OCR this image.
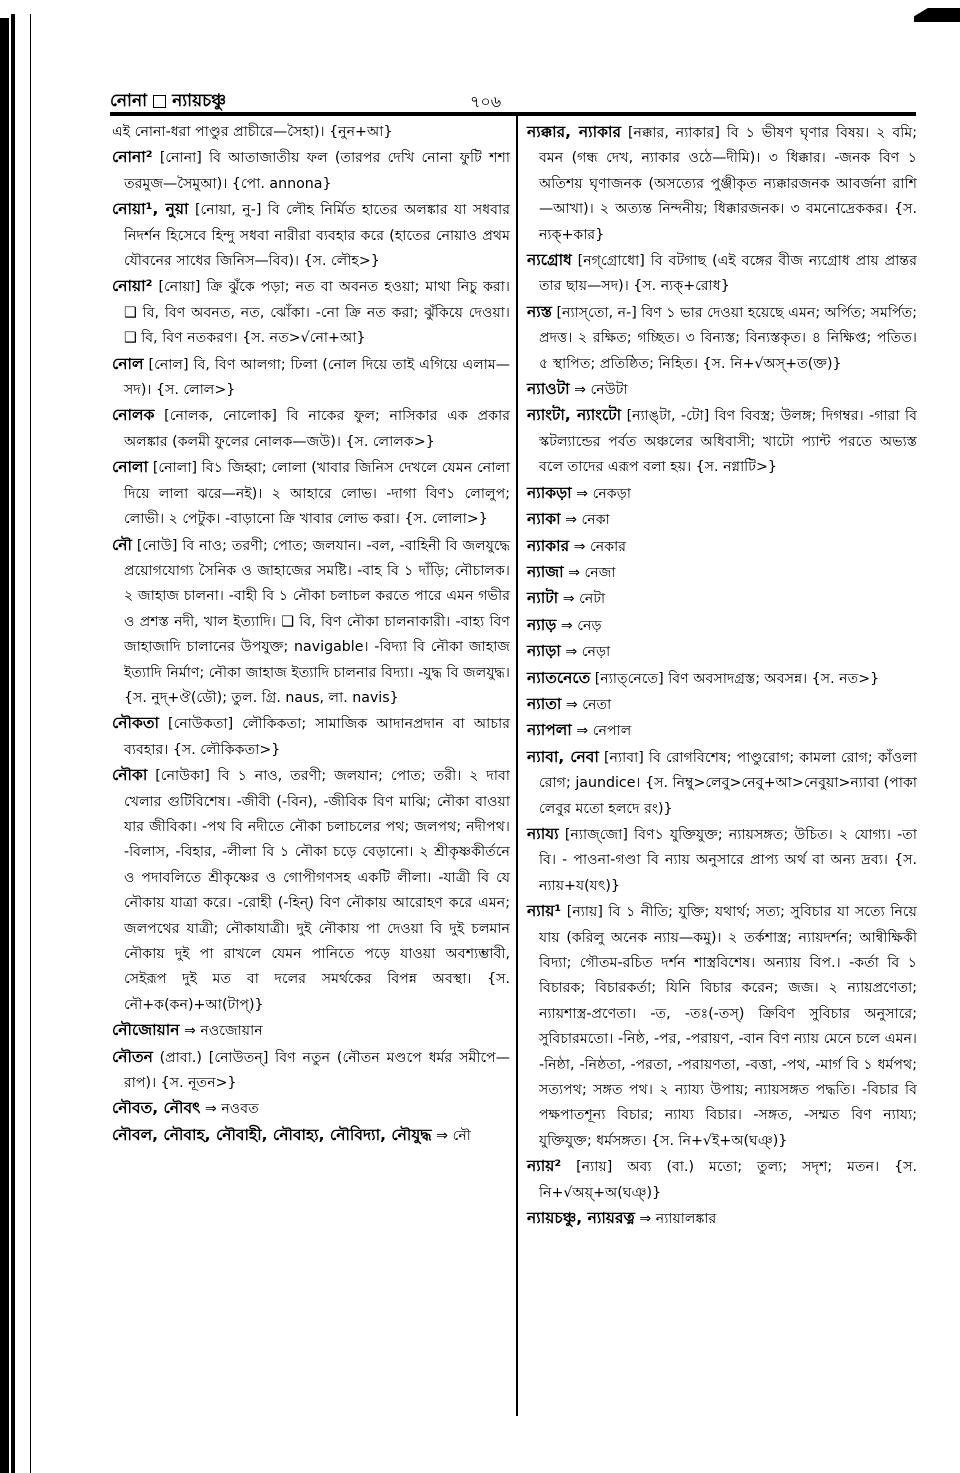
নোনা ন্যায়চঞ্চু	৭০৬

এই নোনা-ধরা পাণ্ডুর প্রাচীরে—সৈহা)। {নুন+আ}

নোনা² [নোনা] বি আতাজাতীয় ফল (তারপর দেখি নোনা ফুটি শশা তরমুজ—সৈমুআ)। {পো. annona}

নোয়া¹, নুয়া [নোয়া, নু-] বি লৌহ নির্মিত হাতের অলঙ্কার যা সধবার নিদর্শন হিসেবে হিন্দু সধবা নারীরা ব্যবহার করে (হাতের নোয়াও প্রথম যৌবনের সাধের জিনিস—বিব)। {স. লৌহ>}

নোয়া² [নোয়া] ক্রি ঝুঁকে পড়া; নত বা অবনত হওয়া; মাথা নিচু করা। ❑ বি, বিণ অবনত, নত, ঝোঁকা। -নো ক্রি নত করা; ঝুঁকিয়ে দেওয়া। ❑ বি, বিণ নতকরণ। {স. নত>√নো+আ}

নোল [নোল] বি, বিণ আলগা; ঢিলা (নোল দিয়ে তাই এগিয়ে এলাম—সদ)। {স. লোল>}

নোলক [নোলক, নোলোক] বি নাকের ফুল; নাসিকার এক প্রকার অলঙ্কার (কলমী ফুলের নোলক—জউ)। {স. লোলক>}

নোলা [নোলা] বি১ জিহ্বা; লোলা (খাবার জিনিস দেখলে যেমন নোলা দিয়ে লালা ঝরে—নই)। ২ আহারে লোভ। -দাগা বিণ১ লোলুপ; লোভী। ২ পেটুক। -বাড়ানো ক্রি খাবার লোভ করা। {স. লোলা>}

নৌ [নোউ] বি নাও; তরণী; পোত; জলযান। -বল, -বাহিনী বি জলযুদ্ধে প্রয়োগযোগ্য সৈনিক ও জাহাজের সমষ্টি। -বাহ বি ১ দাঁড়ি; নৌচালক। ২ জাহাজ চালনা। -বাহী বি ১ নৌকা চলাচল করতে পারে এমন গভীর ও প্রশস্ত নদী, খাল ইত্যাদি। ❑ বি, বিণ নৌকা চালনাকারী। -বাহ্য বিণ জাহাজাদি চালানের উপযুক্ত; navigable। -বিদ্যা বি নৌকা জাহাজ ইত্যাদি নির্মাণ; নৌকা জাহাজ ইত্যাদি চালনার বিদ্যা। -যুদ্ধ বি জলযুদ্ধ। {স. নুদ্+ঔ(ডৌ); তুল. গ্রি. naus, লা. navis}

নৌকতা [নোউকতা] লৌকিকতা; সামাজিক আদানপ্রদান বা আচার ব্যবহার। {স. লৌকিকতা>}

নৌকা [নোউকা] বি ১ নাও, তরণী; জলযান; পোত; তরী। ২ দাবা খেলার গুটিবিশেষ। -জীবী (-বিন), -জীবিক বিণ মাঝি; নৌকা বাওয়া যার জীবিকা। -পথ বি নদীতে নৌকা চলাচলের পথ; জলপথ; নদীপথ। -বিলাস, -বিহার, -লীলা বি ১ নৌকা চড়ে বেড়ানো। ২ শ্রীকৃষ্ণকীর্তনে ও পদাবলিতে শ্রীকৃষ্ণের ও গোপীগণসহ একটি লীলা। -যাত্রী বি যে নৌকায় যাত্রা করে। -রোহী (-হিন্) বিণ নৌকায় আরোহণ করে এমন; জলপথের যাত্রী; নৌকাযাত্রী। দুই নৌকায় পা দেওয়া বি দুই চলমান নৌকায় দুই পা রাখলে যেমন পানিতে পড়ে যাওয়া অবশ্যম্ভাবী, সেইরূপ দুই মত বা দলের সমর্থকের বিপন্ন অবস্থা। {স. নৌ+ক(কন)+আ(টাপ্)}

নৌজোয়ান ⇒ নওজোয়ান

নৌতন (প্রাবা.) [নোউতন্] বিণ নতুন (নৌতন মণ্ডপে ধর্মর সমীপে—রাপ)। {স. নূতন>}

নৌবত, নৌবৎ ⇒ নওবত

নৌবল, নৌবাহ, নৌবাহী, নৌবাহ্য, নৌবিদ্যা, নৌযুদ্ধ ⇒ নৌ

ন্যক্কার, ন্যাকার [নক্কার, ন্যাকার] বি ১ ভীষণ ঘৃণার বিষয়। ২ বমি; বমন (গন্ধ দেখ, ন্যাকার ওঠে—দীমি)। ৩ ধিক্কার। -জনক বিণ ১ অতিশয় ঘৃণাজনক (অসত্যের পুঞ্জীকৃত ন্যক্কারজনক আবর্জনা রাশি—আখা)। ২ অত্যন্ত নিন্দনীয়; ধিক্কারজনক। ৩ বমনোদ্রেককর। {স. ন্যক্+কার}

ন্যগ্রোধ [নগ্‌গ্রোধো] বি বটগাছ (এই বঙ্গের বীজ ন্যগ্রোধ প্রায় প্রান্তর তার ছায়—সদ)। {স. ন্যক্+রোধ}

ন্যস্ত [ন্যাস্‌তো, ন-] বিণ ১ ভার দেওয়া হয়েছে এমন; অর্পিত; সমর্পিত; প্রদত্ত। ২ রক্ষিত; গচ্ছিত। ৩ বিন্যস্ত; বিন্যস্তকৃত। ৪ নিক্ষিপ্ত; পতিত। ৫ স্থাপিত; প্রতিষ্ঠিত; নিহিত। {স. নি+√অস্+ত(ক্ত)}

ন্যাওটা ⇒ নেউটা

ন্যাংটা, ন্যাংটো [ন্যাঙ্‌টা, -টো] বিণ বিবস্ত্র; উলঙ্গ; দিগম্বর। -গারা বি স্কটল্যান্ডের পর্বত অঞ্চলের অধিবাসী; খাটো প্যান্ট পরতে অভ্যস্ত বলে তাদের এরূপ বলা হয়। {স. নগ্নাটি>}

ন্যাকড়া ⇒ নেকড়া

ন্যাকা ⇒ নেকা

ন্যাকার ⇒ নেকার

ন্যাজা ⇒ নেজা

ন্যাটা ⇒ নেটা

ন্যাড় ⇒ নেড়

ন্যাড়া ⇒ নেড়া

ন্যাতনেতে [ন্যাত্‌নেতে] বিণ অবসাদগ্রস্ত; অবসন্ন। {স. নত>}

ন্যাতা ⇒ নেতা

ন্যাপলা ⇒ নেপাল

ন্যাবা, নেবা [ন্যাবা] বি রোগবিশেষ; পাণ্ডুরোগ; কামলা রোগ; কাঁওলা রোগ; jaundice। {স. নিম্বু>লেবু>নেবু+আ>নেবুয়া>ন্যাবা (পাকা লেবুর মতো হলদে রং)}

ন্যায্য [ন্যাজ্‌জো] বিণ১ যুক্তিযুক্ত; ন্যায়সঙ্গত; উচিত। ২ যোগ্য। -তা বি। - পাওনা-গণ্ডা বি ন্যায় অনুসারে প্রাপ্য অর্থ বা অন্য দ্রব্য। {স. ন্যায়+য(যৎ)}

ন্যায়¹ [ন্যায়] বি ১ নীতি; যুক্তি; যথার্থ; সত্য; সুবিচার যা সত্যে নিয়ে যায় (করিলু অনেক ন্যায়—কমু)। ২ তর্কশাস্ত্র; ন্যায়দর্শন; আন্বীক্ষিকী বিদ্যা; গৌতম-রচিত দর্শন শাস্ত্রবিশেষ। অন্যায় বিপ.। -কর্তা বি ১ বিচারক; বিচারকর্তা; যিনি বিচার করেন; জজ। ২ ন্যায়প্রণেতা; ন্যায়শাস্ত্র-প্রণেতা। -ত, -তঃ(-তস্) ক্রিবিণ সুবিচার অনুসারে; সুবিচারমতো। -নিষ্ঠ, -পর, -পরায়ণ, -বান বিণ ন্যায় মেনে চলে এমন। -নিষ্ঠা, -নিষ্ঠতা, -পরতা, -পরায়ণতা, -বত্তা, -পথ, -মার্গ বি ১ ধর্মপথ; সত্যপথ; সঙ্গত পথ। ২ ন্যায্য উপায়; ন্যায়সঙ্গত পদ্ধতি। -বিচার বি পক্ষপাতশূন্য বিচার; ন্যায্য বিচার। -সঙ্গত, -সম্মত বিণ ন্যায্য; যুক্তিযুক্ত; ধর্মসঙ্গত। {স. নি+√ই+অ(ঘঞ্)}

ন্যায়² [ন্যায়] অব্য (বা.) মতো; তুল্য; সদৃশ; মতন। {স. নি+√অয়্+অ(ঘঞ্)}

ন্যায়চঞ্চু, ন্যায়রত্ন ⇒ ন্যায়ালঙ্কার
